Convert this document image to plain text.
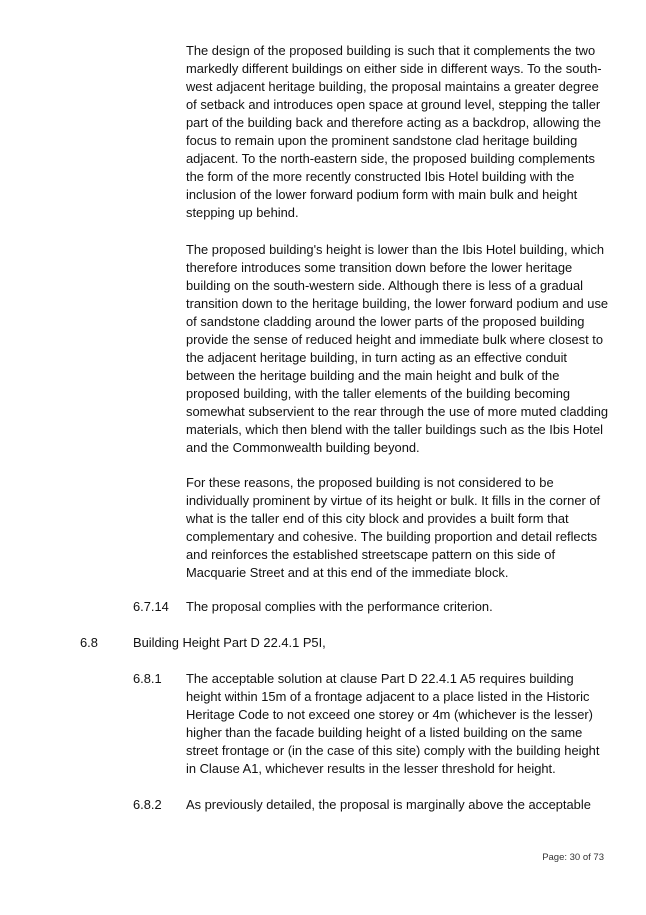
The design of the proposed building is such that it complements the two
markedly different buildings on either side in different ways. To the south-
west adjacent heritage building, the proposal maintains a greater degree
of setback and introduces open space at ground level, stepping the taller
part of the building back and therefore acting as a backdrop, allowing the
focus to remain upon the prominent sandstone clad heritage building
adjacent. To the north-eastern side, the proposed building complements
the form of the more recently constructed Ibis Hotel building with the
inclusion of the lower forward podium form with main bulk and height
stepping up behind.

The proposed building's height is lower than the Ibis Hotel building, which
therefore introduces some transition down before the lower heritage
building on the south-western side. Although there is less of a gradual
transition down to the heritage building, the lower forward podium and use
of sandstone cladding around the lower parts of the proposed building
provide the sense of reduced height and immediate bulk where closest to
the adjacent heritage building, in turn acting as an effective conduit
between the heritage building and the main height and bulk of the
proposed building, with the taller elements of the building becoming
somewhat subservient to the rear through the use of more muted cladding
materials, which then blend with the taller buildings such as the Ibis Hotel
and the Commonwealth building beyond.

For these reasons, the proposed building is not considered to be
individually prominent by virtue of its height or bulk. It fills in the corner of
what is the taller end of this city block and provides a built form that
complementary and cohesive. The building proportion and detail reflects
and reinforces the established streetscape pattern on this side of
Macquarie Street and at this end of the immediate block.

6.7.14 The proposal complies with the performance criterion.

6.8	Building Height Part D 22.4.1 P5I,
6.8.1 The acceptable solution at clause Part D 22.4.1 A5 requires building
height within 15m of a frontage adjacent to a place listed in the Historic
Heritage Code to not exceed one storey or 4m (whichever is the lesser)
higher than the facade building height of a listed building on the same
street frontage or (in the case of this site) comply with the building height
in Clause A1, whichever results in the lesser threshold for height.

6.8.2 As previously detailed, the proposal is marginally above the acceptable

Page: 30 of 73
